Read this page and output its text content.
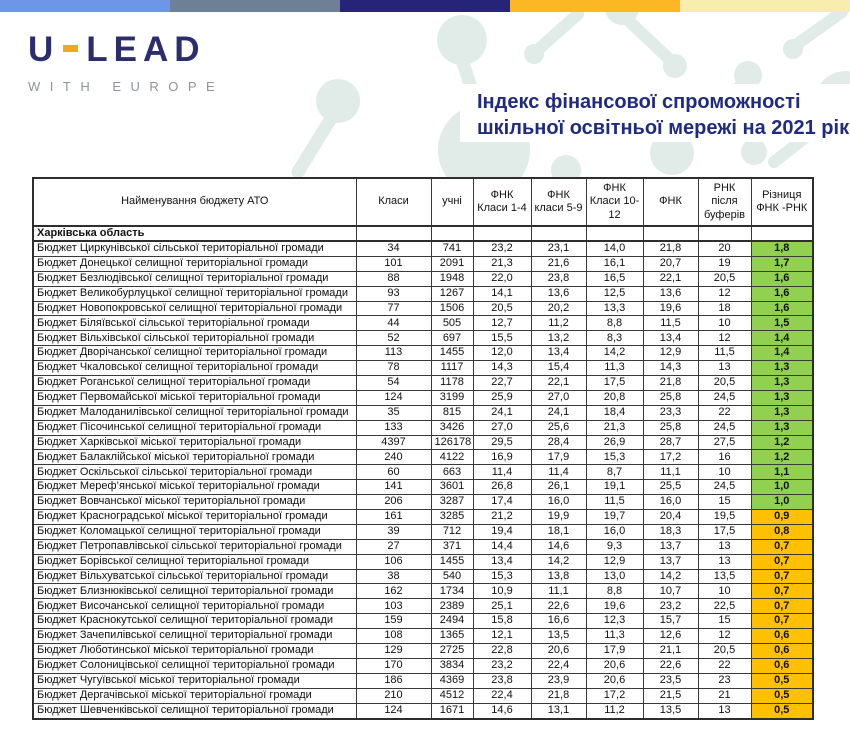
U LEAD
WITH EUROPE
Індекс фінансової спроможності
шкільної освітньої мережі на 2021 рік
Найменування бюджету АТО	Класи	учні	ФНК Класи 1-4	ФНК класи 5-9	ФНК Класи 10-12	ФНК	РНК після буферів	Різниця ФНК -РНК
Харківська область								
Бюджет Циркунівської сільської територіальної громади	34	741	23,2	23,1	14,0	21,8	20	1,8
Бюджет Донецької селищної територіальної громади	101	2091	21,3	21,6	16,1	20,7	19	1,7
Бюджет Безлюдівської селищної територіальної громади	88	1948	22,0	23,8	16,5	22,1	20,5	1,6
Бюджет Великобурлуцької селищної територіальної громади	93	1267	14,1	13,6	12,5	13,6	12	1,6
Бюджет Новопокровської селищної територіальної громади	77	1506	20,5	20,2	13,3	19,6	18	1,6
Бюджет Біляївської сільської територіальної громади	44	505	12,7	11,2	8,8	11,5	10	1,5
Бюджет Вільхівської сільської територіальної громади	52	697	15,5	13,2	8,3	13,4	12	1,4
Бюджет Дворічанської селищної територіальної громади	113	1455	12,0	13,4	14,2	12,9	11,5	1,4
Бюджет Чкаловської селищної територіальної громади	78	1117	14,3	15,4	11,3	14,3	13	1,3
Бюджет Роганської селищної територіальної громади	54	1178	22,7	22,1	17,5	21,8	20,5	1,3
Бюджет Первомайської міської територіальної громади	124	3199	25,9	27,0	20,8	25,8	24,5	1,3
Бюджет Малоданилівської селищної територіальної громади	35	815	24,1	24,1	18,4	23,3	22	1,3
Бюджет Пісочинської селищної територіальної громади	133	3426	27,0	25,6	21,3	25,8	24,5	1,3
Бюджет Харківської міської територіальної громади	4397	126178	29,5	28,4	26,9	28,7	27,5	1,2
Бюджет Балаклійської міської територіальної громади	240	4122	16,9	17,9	15,3	17,2	16	1,2
Бюджет Оскільської сільської територіальної громади	60	663	11,4	11,4	8,7	11,1	10	1,1
Бюджет Мереф’янської міської територіальної громади	141	3601	26,8	26,1	19,1	25,5	24,5	1,0
Бюджет Вовчанської міської територіальної громади	206	3287	17,4	16,0	11,5	16,0	15	1,0
Бюджет Красноградської міської територіальної громади	161	3285	21,2	19,9	19,7	20,4	19,5	0,9
Бюджет Коломацької селищної територіальної громади	39	712	19,4	18,1	16,0	18,3	17,5	0,8
Бюджет Петропавлівської сільської територіальної громади	27	371	14,4	14,6	9,3	13,7	13	0,7
Бюджет Борівської селищної територіальної громади	106	1455	13,4	14,2	12,9	13,7	13	0,7
Бюджет Вільхуватської сільської територіальної громади	38	540	15,3	13,8	13,0	14,2	13,5	0,7
Бюджет Близнюківської селищної територіальної громади	162	1734	10,9	11,1	8,8	10,7	10	0,7
Бюджет Височанської селищної територіальної громади	103	2389	25,1	22,6	19,6	23,2	22,5	0,7
Бюджет Краснокутської селищної територіальної громади	159	2494	15,8	16,6	12,3	15,7	15	0,7
Бюджет Зачепилівської селищної територіальної громади	108	1365	12,1	13,5	11,3	12,6	12	0,6
Бюджет Люботинської міської територіальної громади	129	2725	22,8	20,6	17,9	21,1	20,5	0,6
Бюджет Солоницівської селищної територіальної громади	170	3834	23,2	22,4	20,6	22,6	22	0,6
Бюджет Чугуївської міської територіальної громади	186	4369	23,8	23,9	20,6	23,5	23	0,5
Бюджет Дергачівської міської територіальної громади	210	4512	22,4	21,8	17,2	21,5	21	0,5
Бюджет Шевченківської селищної територіальної громади	124	1671	14,6	13,1	11,2	13,5	13	0,5
